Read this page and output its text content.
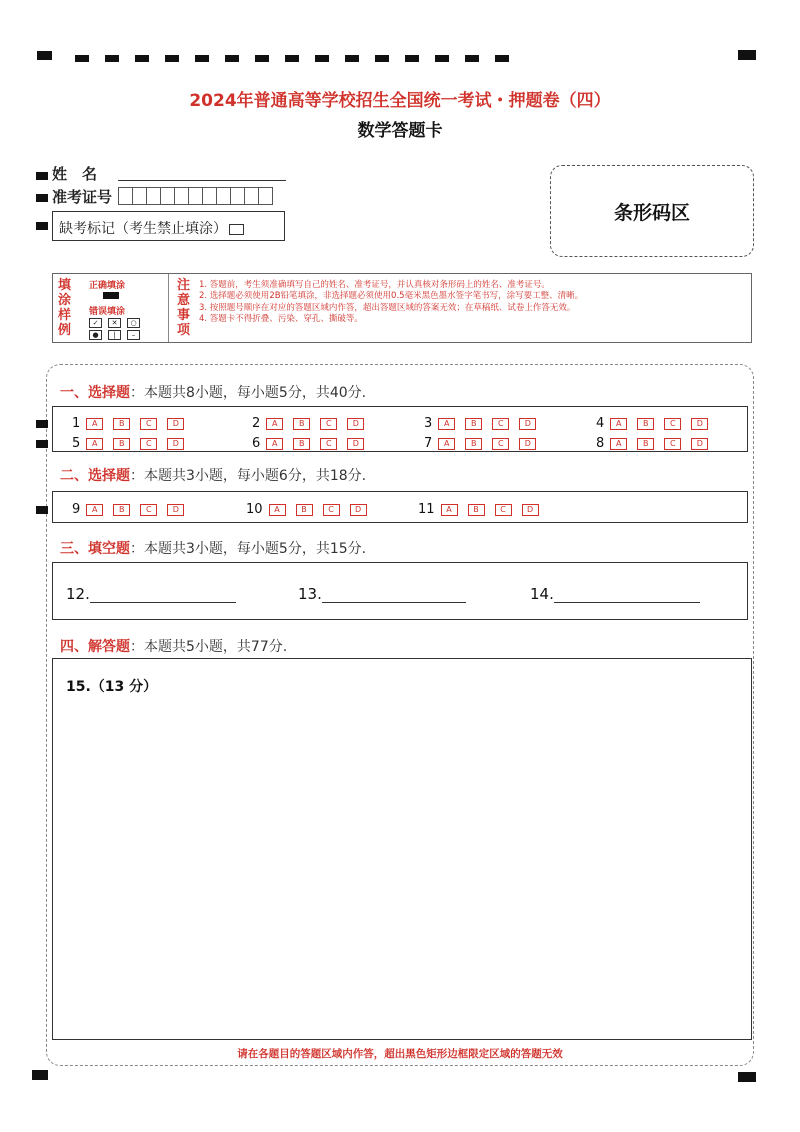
2024年普通高等学校招生全国统一考试・押题卷（四）
数学答题卡
姓　名
准考证号
缺考标记（考生禁止填涂）
条形码区
填
涂
样
例
正确填涂
错误填涂
✓	✕	○
●	|	–
注
意
事
项
1. 答题前，考生须准确填写自己的姓名、准考证号，并认真核对条形码上的姓名、准考证号。
2. 选择题必须使用2B铅笔填涂，非选择题必须使用0.5毫米黑色墨水签字笔书写，涂写要工整、清晰。
3. 按照题号顺序在对应的答题区域内作答，超出答题区域的答案无效；在草稿纸、试卷上作答无效。
4. 答题卡不得折叠、污染、穿孔、撕破等。
一、选择题：本题共8小题，每小题5分，共40分.
1	A	B	C	D	2	A	B	C	D	3	A	B	C	D	4	A	B	C	D
5	A	B	C	D	6	A	B	C	D	7	A	B	C	D	8	A	B	C	D
二、选择题：本题共3小题，每小题6分，共18分.
9	A	B	C	D	10	A	B	C	D	11	A	B	C	D
三、填空题：本题共3小题，每小题5分，共15分.
12.	13.	14.
四、解答题：本题共5小题，共77分.
15.（13 分）
请在各题目的答题区域内作答，超出黑色矩形边框限定区域的答题无效
